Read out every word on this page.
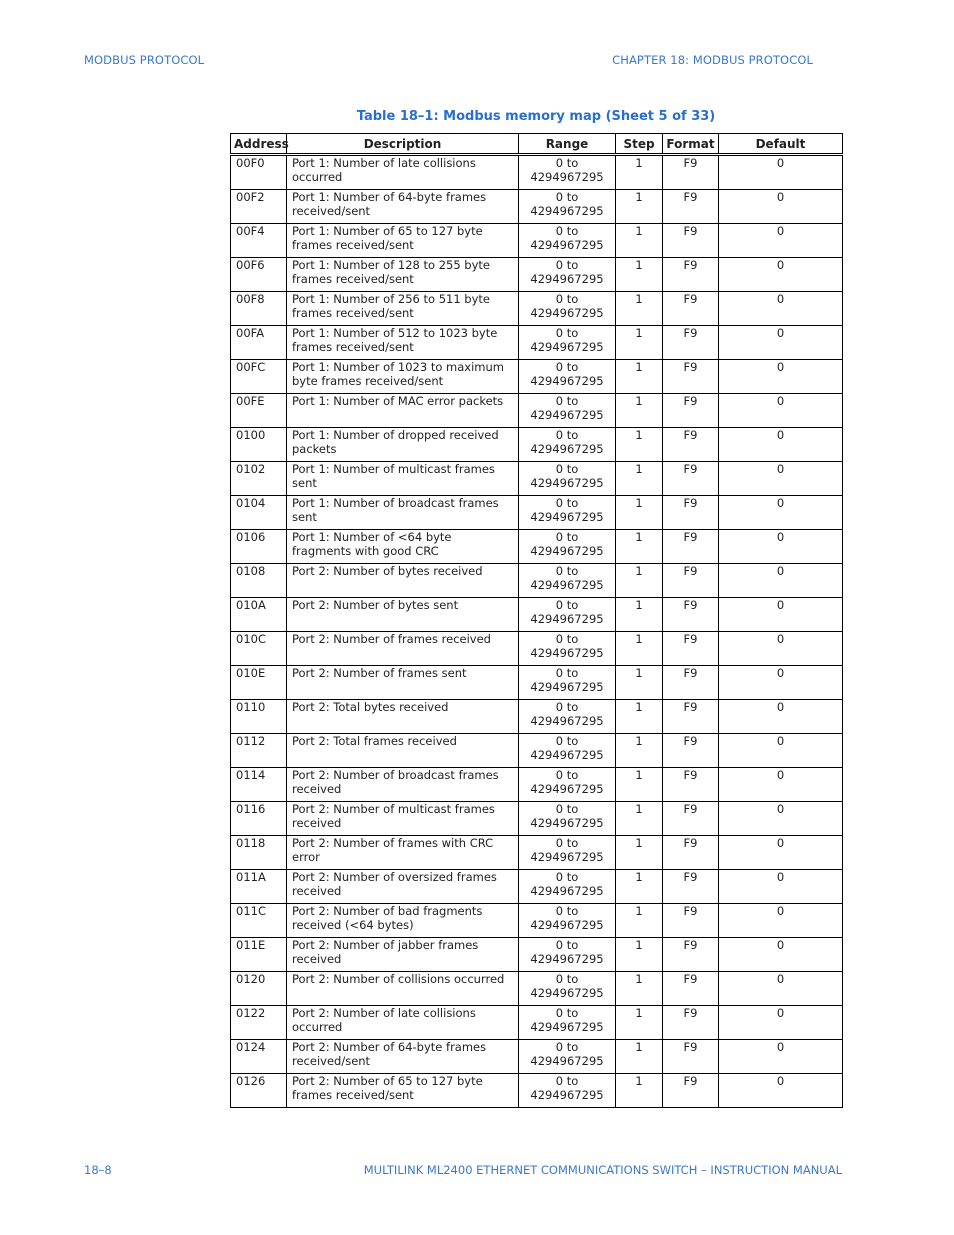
MODBUS PROTOCOL	CHAPTER 18: MODBUS PROTOCOL
Table 18–1: Modbus memory map (Sheet 5 of 33)
Address	Description	Range	Step	Format	Default
00F0	Port 1: Number of late collisions occurred	0 to 4294967295	1	F9	0
00F2	Port 1: Number of 64-byte frames received/sent	0 to 4294967295	1	F9	0
00F4	Port 1: Number of 65 to 127 byte frames received/sent	0 to 4294967295	1	F9	0
00F6	Port 1: Number of 128 to 255 byte frames received/sent	0 to 4294967295	1	F9	0
00F8	Port 1: Number of 256 to 511 byte frames received/sent	0 to 4294967295	1	F9	0
00FA	Port 1: Number of 512 to 1023 byte frames received/sent	0 to 4294967295	1	F9	0
00FC	Port 1: Number of 1023 to maximum byte frames received/sent	0 to 4294967295	1	F9	0
00FE	Port 1: Number of MAC error packets	0 to 4294967295	1	F9	0
0100	Port 1: Number of dropped received packets	0 to 4294967295	1	F9	0
0102	Port 1: Number of multicast frames sent	0 to 4294967295	1	F9	0
0104	Port 1: Number of broadcast frames sent	0 to 4294967295	1	F9	0
0106	Port 1: Number of <64 byte fragments with good CRC	0 to 4294967295	1	F9	0
0108	Port 2: Number of bytes received	0 to 4294967295	1	F9	0
010A	Port 2: Number of bytes sent	0 to 4294967295	1	F9	0
010C	Port 2: Number of frames received	0 to 4294967295	1	F9	0
010E	Port 2: Number of frames sent	0 to 4294967295	1	F9	0
0110	Port 2: Total bytes received	0 to 4294967295	1	F9	0
0112	Port 2: Total frames received	0 to 4294967295	1	F9	0
0114	Port 2: Number of broadcast frames received	0 to 4294967295	1	F9	0
0116	Port 2: Number of multicast frames received	0 to 4294967295	1	F9	0
0118	Port 2: Number of frames with CRC error	0 to 4294967295	1	F9	0
011A	Port 2: Number of oversized frames received	0 to 4294967295	1	F9	0
011C	Port 2: Number of bad fragments received (<64 bytes)	0 to 4294967295	1	F9	0
011E	Port 2: Number of jabber frames received	0 to 4294967295	1	F9	0
0120	Port 2: Number of collisions occurred	0 to 4294967295	1	F9	0
0122	Port 2: Number of late collisions occurred	0 to 4294967295	1	F9	0
0124	Port 2: Number of 64-byte frames received/sent	0 to 4294967295	1	F9	0
0126	Port 2: Number of 65 to 127 byte frames received/sent	0 to 4294967295	1	F9	0
18–8	MULTILINK ML2400 ETHERNET COMMUNICATIONS SWITCH – INSTRUCTION MANUAL
